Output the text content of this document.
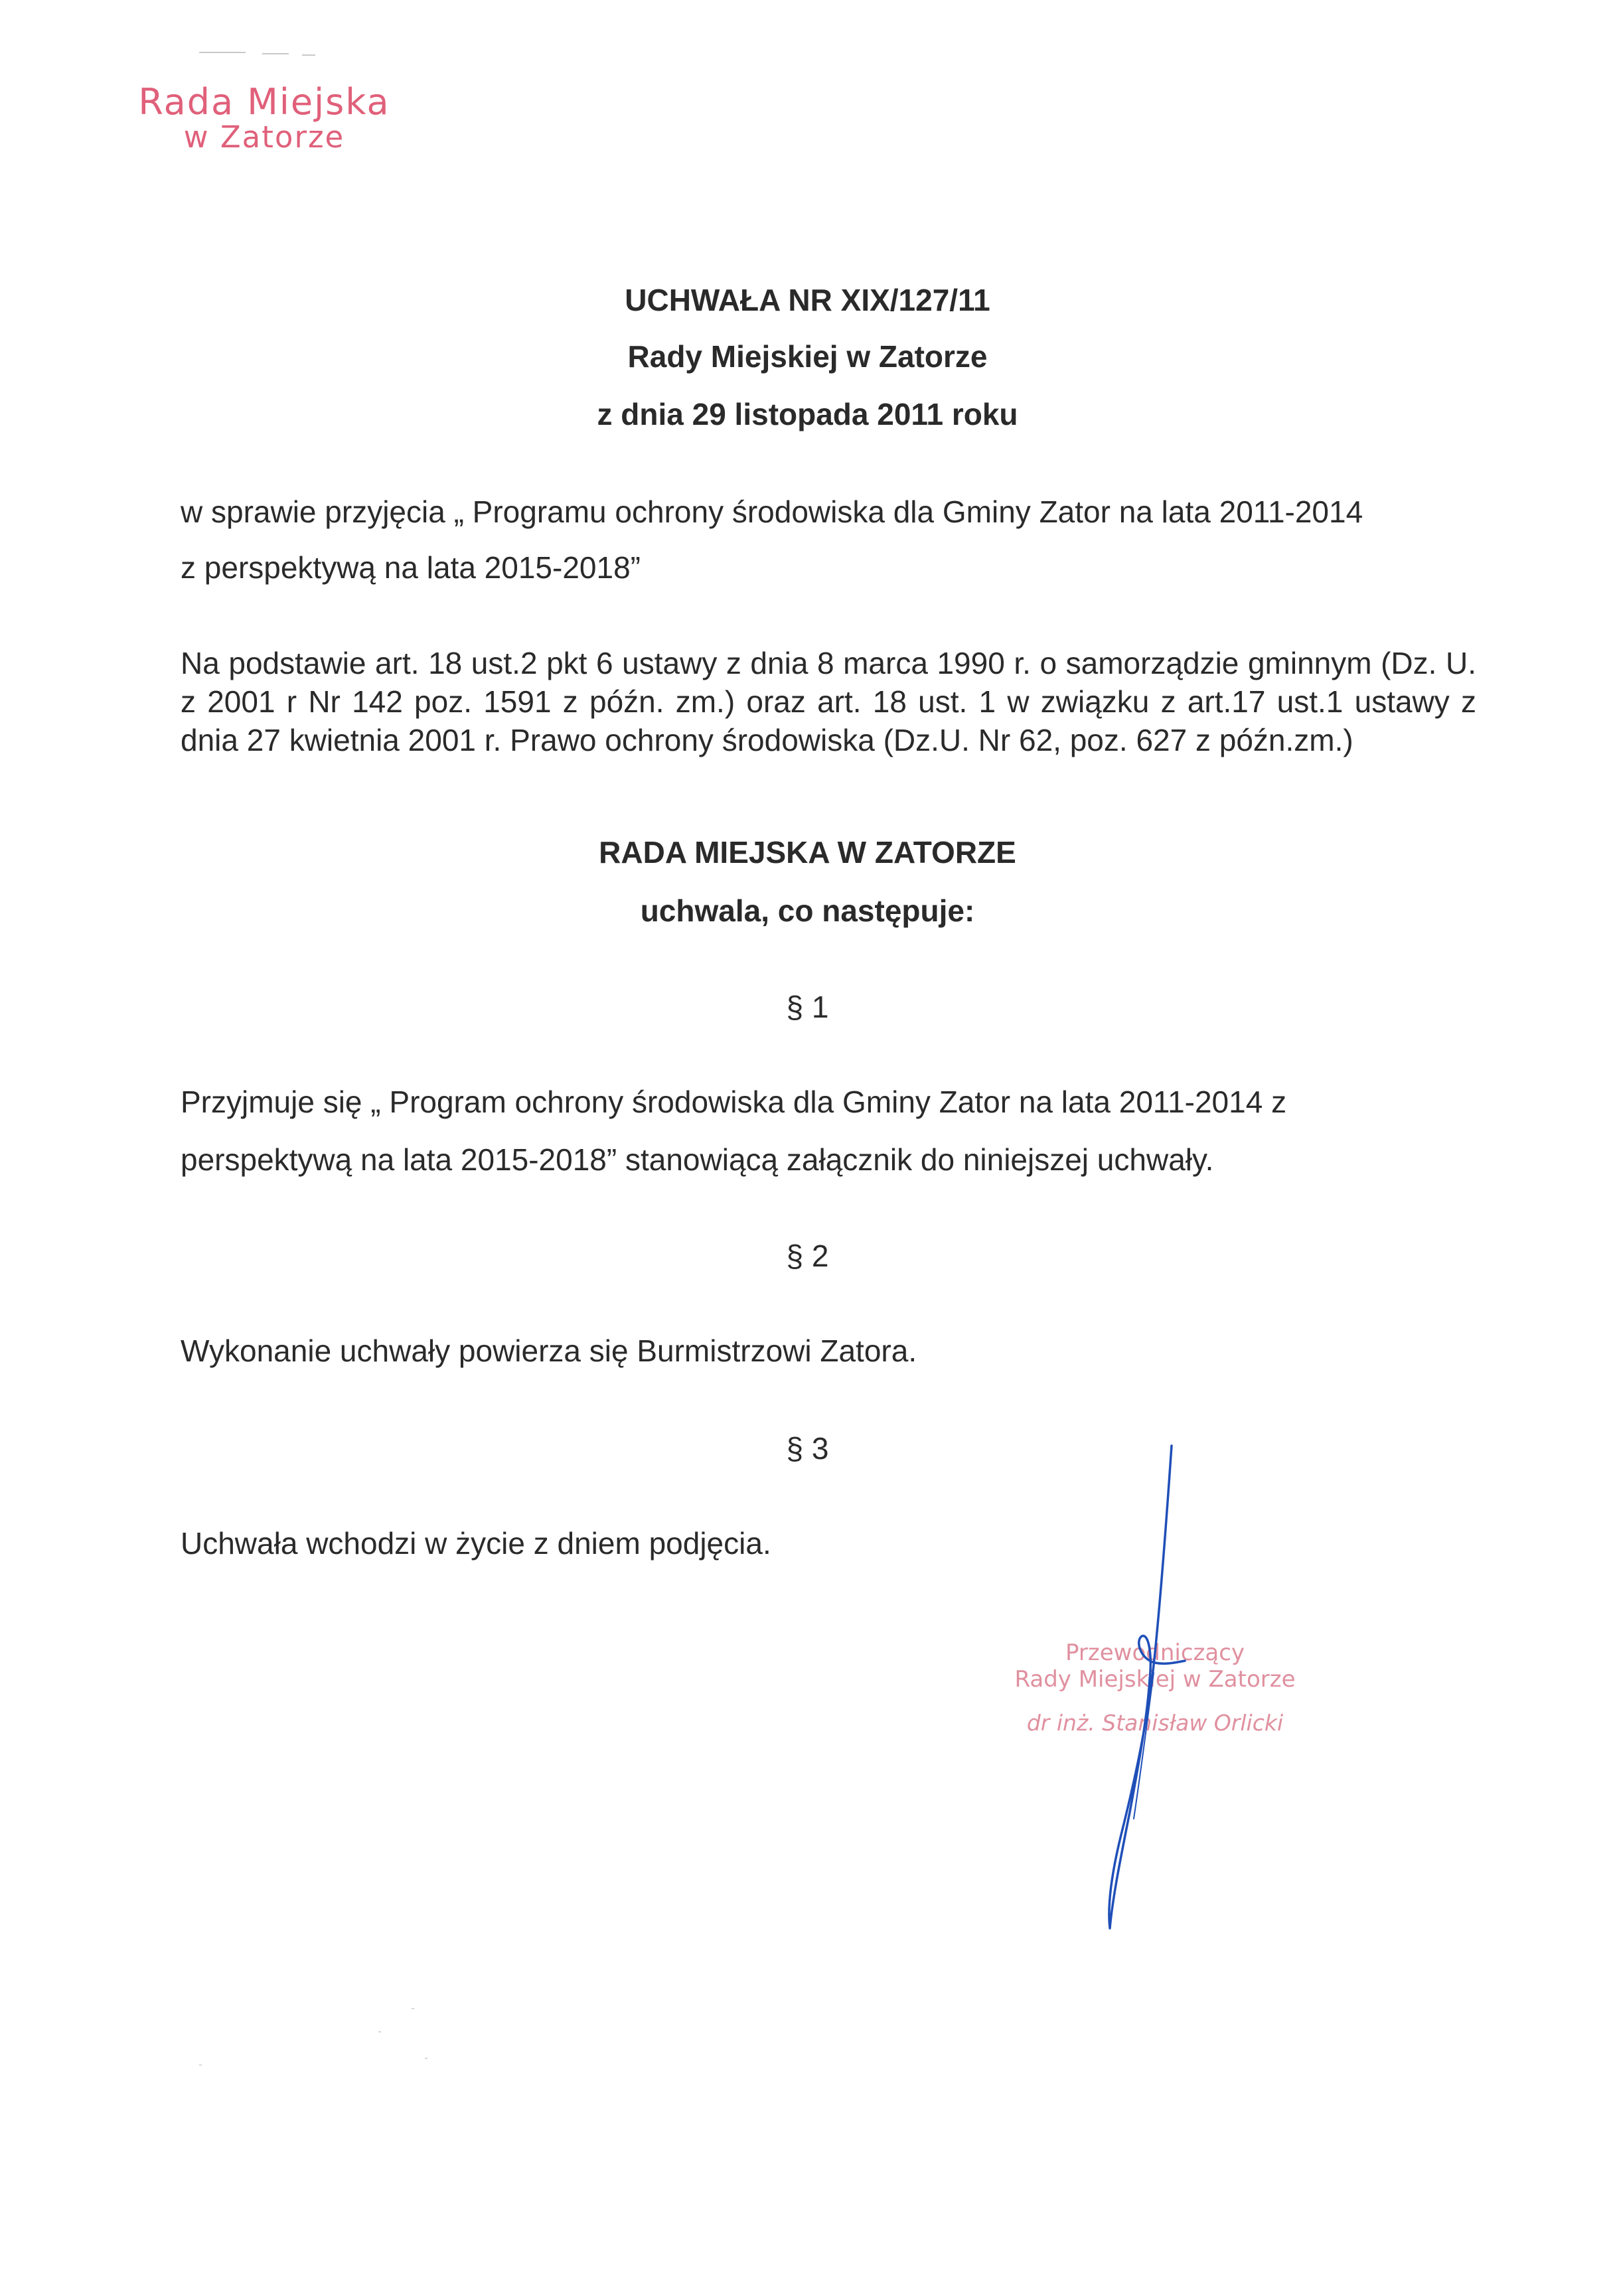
Rada Miejska
w Zatorze
UCHWAŁA NR XIX/127/11
Rady Miejskiej w Zatorze
z dnia 29 listopada 2011 roku
w sprawie przyjęcia „ Programu ochrony środowiska dla Gminy Zator na lata 2011-2014
z perspektywą na lata 2015-2018”
Na podstawie art. 18 ust.2 pkt 6 ustawy z dnia 8 marca 1990 r. o samorządzie gminnym (Dz. U. z 2001 r Nr 142 poz. 1591 z późn. zm.) oraz art. 18 ust. 1 w związku z art.17 ust.1 ustawy z dnia 27 kwietnia 2001 r. Prawo ochrony środowiska (Dz.U. Nr 62, poz. 627 z późn.zm.)
RADA MIEJSKA W ZATORZE
uchwala, co następuje:
§ 1
Przyjmuje się „ Program ochrony środowiska dla Gminy Zator na lata 2011-2014 z
perspektywą na lata 2015-2018” stanowiącą załącznik do niniejszej uchwały.
§ 2
Wykonanie uchwały powierza się Burmistrzowi Zatora.
§ 3
Uchwała wchodzi w życie z dniem podjęcia.
Przewodniczący
Rady Miejskiej w Zatorze
dr inż. Stanisław Orlicki
